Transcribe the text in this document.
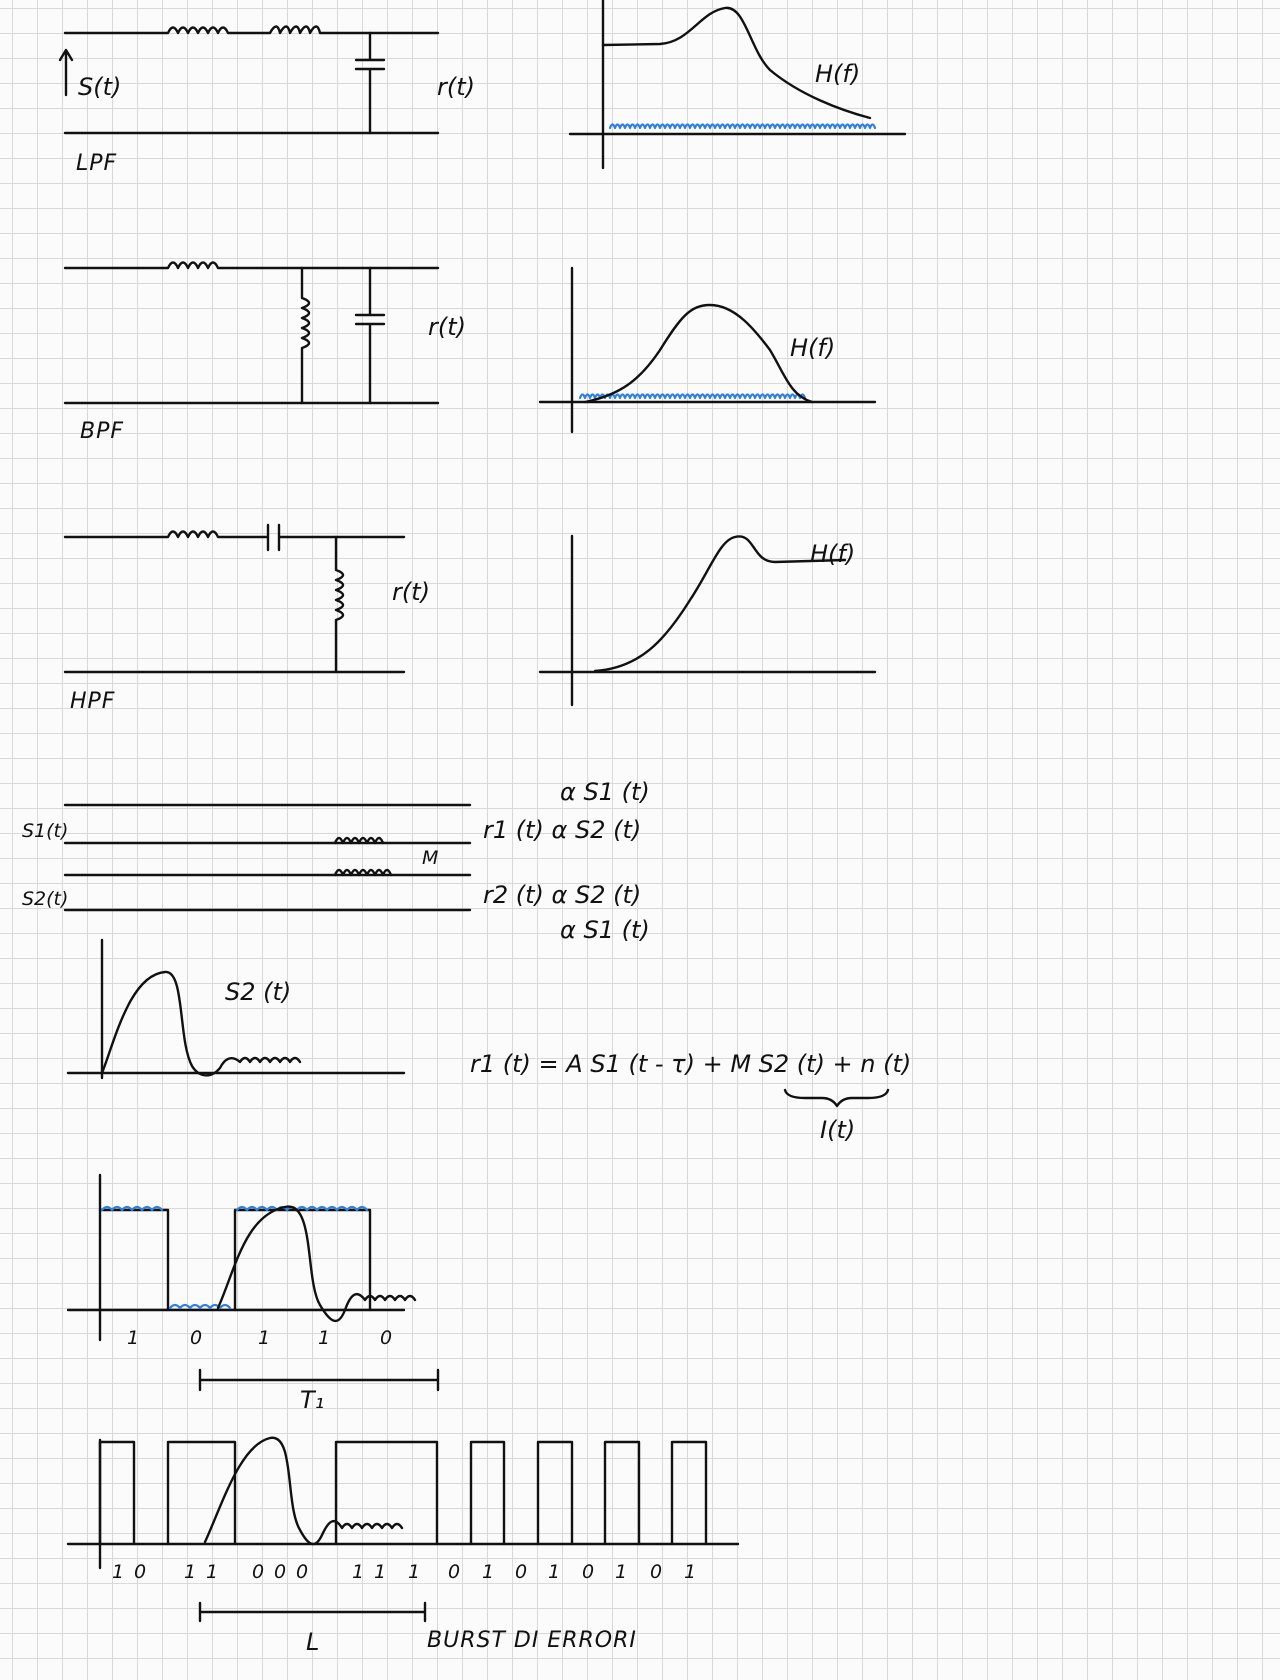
S(t)	r(t)
LPF
H(f)
r(t)
BPF
H(f)
r(t)
HPF
H(f)
M
S1(t)
S2(t)
α S1 (t)
r1 (t) α S2 (t)
r2 (t) α S2 (t)
α S1 (t)
S2 (t)
r1 (t) = A S1 (t - τ) + M S2 (t) + n (t)
I(t)
1	0	1	1	0
T₁
1 0 1 1 0 0 0 1 1 1 0 1 0 1 0 1 0 1
L	BURST DI ERRORI
